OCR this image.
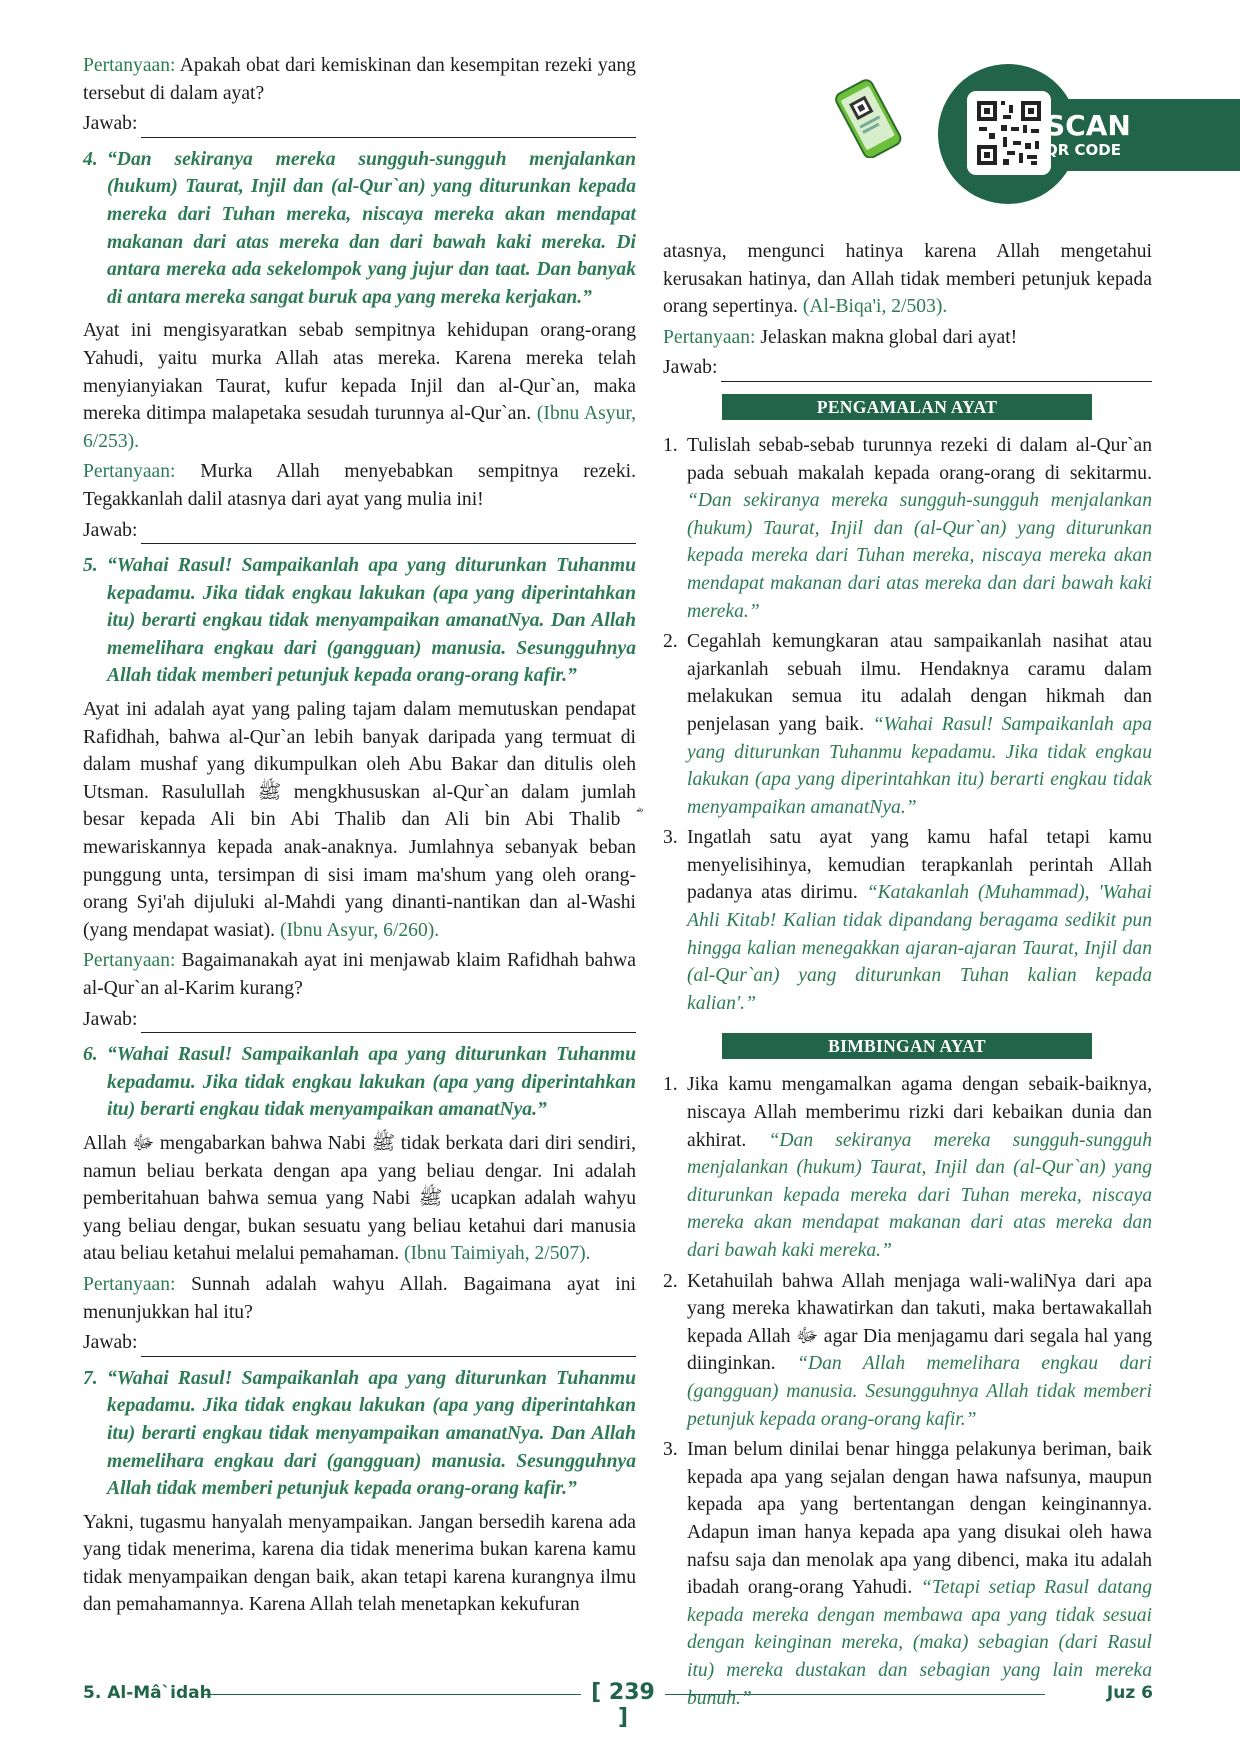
Pertanyaan: Apakah obat dari kemiskinan dan kesempitan rezeki yang tersebut di dalam ayat?

Jawab:
4. “Dan sekiranya mereka sungguh-sungguh menjalankan (hukum) Taurat, Injil dan (al-Qur`an) yang diturunkan kepada mereka dari Tuhan mereka, niscaya mereka akan mendapat makanan dari atas mereka dan dari bawah kaki mereka. Di antara mereka ada sekelompok yang jujur dan taat. Dan banyak di antara mereka sangat buruk apa yang mereka kerjakan.”

Ayat ini mengisyaratkan sebab sempitnya kehidupan orang-orang Yahudi, yaitu murka Allah atas mereka. Karena mereka telah menyianyiakan Taurat, kufur kepada Injil dan al-Qur`an, maka mereka ditimpa malapetaka sesudah turunnya al-Qur`an. (Ibnu Asyur, 6/253).

Pertanyaan: Murka Allah menyebabkan sempitnya rezeki. Tegakkanlah dalil atasnya dari ayat yang mulia ini!

Jawab:
5. “Wahai Rasul! Sampaikanlah apa yang diturunkan Tuhanmu kepadamu. Jika tidak engkau lakukan (apa yang diperintahkan itu) berarti engkau tidak menyampaikan amanatNya. Dan Allah memelihara engkau dari (gangguan) manusia. Sesungguhnya Allah tidak memberi petunjuk kepada orang-orang kafir.”

Ayat ini adalah ayat yang paling tajam dalam memutuskan pendapat Rafidhah, bahwa al-Qur`an lebih banyak daripada yang termuat di dalam mushaf yang dikumpulkan oleh Abu Bakar dan ditulis oleh Utsman. Rasulullah ﷺ mengkhususkan al-Qur`an dalam jumlah besar kepada Ali bin Abi Thalib dan Ali bin Abi Thalib ؓ mewariskannya kepada anak-anaknya. Jumlahnya sebanyak beban punggung unta, tersimpan di sisi imam ma'shum yang oleh orang-orang Syi'ah dijuluki al-Mahdi yang dinanti-nantikan dan al-Washi (yang mendapat wasiat). (Ibnu Asyur, 6/260).

Pertanyaan: Bagaimanakah ayat ini menjawab klaim Rafidhah bahwa al-Qur`an al-Karim kurang?

Jawab:
6. “Wahai Rasul! Sampaikanlah apa yang diturunkan Tuhanmu kepadamu. Jika tidak engkau lakukan (apa yang diperintahkan itu) berarti engkau tidak menyampaikan amanatNya.”

Allah ﷻ mengabarkan bahwa Nabi ﷺ tidak berkata dari diri sendiri, namun beliau berkata dengan apa yang beliau dengar. Ini adalah pemberitahuan bahwa semua yang Nabi ﷺ ucapkan adalah wahyu yang beliau dengar, bukan sesuatu yang beliau ketahui dari manusia atau beliau ketahui melalui pemahaman. (Ibnu Taimiyah, 2/507).

Pertanyaan: Sunnah adalah wahyu Allah. Bagaimana ayat ini menunjukkan hal itu?

Jawab:
7. “Wahai Rasul! Sampaikanlah apa yang diturunkan Tuhanmu kepadamu. Jika tidak engkau lakukan (apa yang diperintahkan itu) berarti engkau tidak menyampaikan amanatNya. Dan Allah memelihara engkau dari (gangguan) manusia. Sesungguhnya Allah tidak memberi petunjuk kepada orang-orang kafir.”

Yakni, tugasmu hanyalah menyampaikan. Jangan bersedih karena ada yang tidak menerima, karena dia tidak menerima bukan karena kamu tidak menyampaikan dengan baik, akan tetapi karena kurangnya ilmu dan pemahamannya. Karena Allah telah menetapkan kekufuran

SCAN
QR CODE

atasnya, mengunci hatinya karena Allah mengetahui kerusakan hatinya, dan Allah tidak memberi petunjuk kepada orang sepertinya. (Al-Biqa'i, 2/503).

Pertanyaan: Jelaskan makna global dari ayat!

Jawab:
PENGAMALAN AYAT
1. Tulislah sebab-sebab turunnya rezeki di dalam al-Qur`an pada sebuah makalah kepada orang-orang di sekitarmu. “Dan sekiranya mereka sungguh-sungguh menjalankan (hukum) Taurat, Injil dan (al-Qur`an) yang diturunkan kepada mereka dari Tuhan mereka, niscaya mereka akan mendapat makanan dari atas mereka dan dari bawah kaki mereka.”
2. Cegahlah kemungkaran atau sampaikanlah nasihat atau ajarkanlah sebuah ilmu. Hendaknya caramu dalam melakukan semua itu adalah dengan hikmah dan penjelasan yang baik. “Wahai Rasul! Sampaikanlah apa yang diturunkan Tuhanmu kepadamu. Jika tidak engkau lakukan (apa yang diperintahkan itu) berarti engkau tidak menyampaikan amanatNya.”
3. Ingatlah satu ayat yang kamu hafal tetapi kamu menyelisihinya, kemudian terapkanlah perintah Allah padanya atas dirimu. “Katakanlah (Muhammad), 'Wahai Ahli Kitab! Kalian tidak dipandang beragama sedikit pun hingga kalian menegakkan ajaran-ajaran Taurat, Injil dan (al-Qur`an) yang diturunkan Tuhan kalian kepada kalian'.”
BIMBINGAN AYAT
1. Jika kamu mengamalkan agama dengan sebaik-baiknya, niscaya Allah memberimu rizki dari kebaikan dunia dan akhirat. “Dan sekiranya mereka sungguh-sungguh menjalankan (hukum) Taurat, Injil dan (al-Qur`an) yang diturunkan kepada mereka dari Tuhan mereka, niscaya mereka akan mendapat makanan dari atas mereka dan dari bawah kaki mereka.”
2. Ketahuilah bahwa Allah menjaga wali-waliNya dari apa yang mereka khawatirkan dan takuti, maka bertawakallah kepada Allah ﷻ agar Dia menjagamu dari segala hal yang diinginkan. “Dan Allah memelihara engkau dari (gangguan) manusia. Sesungguhnya Allah tidak memberi petunjuk kepada orang-orang kafir.”
3. Iman belum dinilai benar hingga pelakunya beriman, baik kepada apa yang sejalan dengan hawa nafsunya, maupun kepada apa yang bertentangan dengan keinginannya. Adapun iman hanya kepada apa yang disukai oleh hawa nafsu saja dan menolak apa yang dibenci, maka itu adalah ibadah orang-orang Yahudi. “Tetapi setiap Rasul datang kepada mereka dengan membawa apa yang tidak sesuai dengan keinginan mereka, (maka) sebagian (dari Rasul itu) mereka dustakan dan sebagian yang lain mereka bunuh.”
5. Al-Mâ`idah	[ 239 ]
Juz 6
